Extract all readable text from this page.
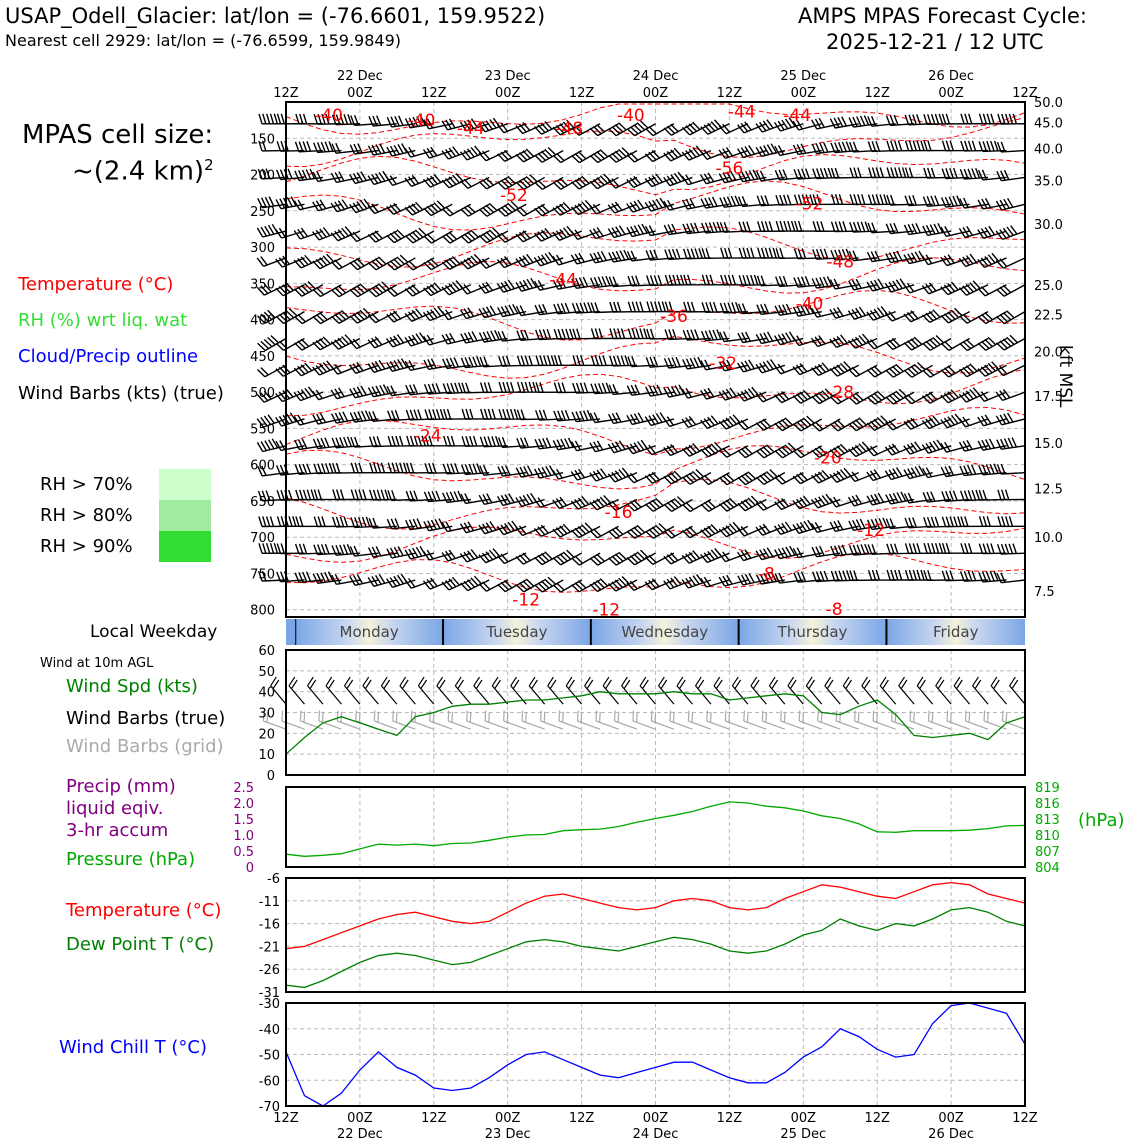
USAP_Odell_Glacier: lat/lon = (-76.6601, 159.9522)
Nearest cell 2929: lat/lon = (-76.6599, 159.9849)
AMPS MPAS Forecast Cycle:
2025-12-21 / 12 UTC
MPAS cell size:
~(2.4 km)$^2$
Temperature (°C)
RH (%) wrt liq. wat
Cloud/Precip outline
Wind Barbs (kts) (true)
RH > 70%
RH > 80%
RH > 90%
Local Weekday
Wind at 10m AGL
Wind Spd (kts)
Wind Barbs (true)
Wind Barbs (grid)
Precip (mm)
liquid eqiv.
3-hr accum
Pressure (hPa)
Temperature (°C)
Dew Point T (°C)
Wind Chill T (°C)
(hPa)
kft MSL
150
200
250
300
350
400
450
500
550
600
650
700
750
800
50.0
45.0
40.0
35.0
30.0
25.0
22.5
20.0
17.5
15.0
12.5
10.0
7.5
-40	-40 -44	-48
-40	-44 -44
-56
-52	-52
-44
-48
-40
-36
-32
-28
-24
-20
-16
-12
-8
-12
-12	-8
0
10
20
30
40
50
60
0
0.5
1.0
1.5
2.0
2.5	819
816
813
810
807
804
-6
-11
-16
-21
-26
-31
-30
-40
-50
-60
-70
Monday	Tuesday	Wednesday	Thursday	Friday
12Z
12Z
00Z
00Z
12Z
12Z
00Z
00Z
12Z
12Z
00Z
00Z
12Z
12Z
00Z
00Z
12Z
12Z
00Z
00Z
12Z
12Z
22 Dec
22 Dec
23 Dec
23 Dec
24 Dec
24 Dec
25 Dec
25 Dec
26 Dec
26 Dec
